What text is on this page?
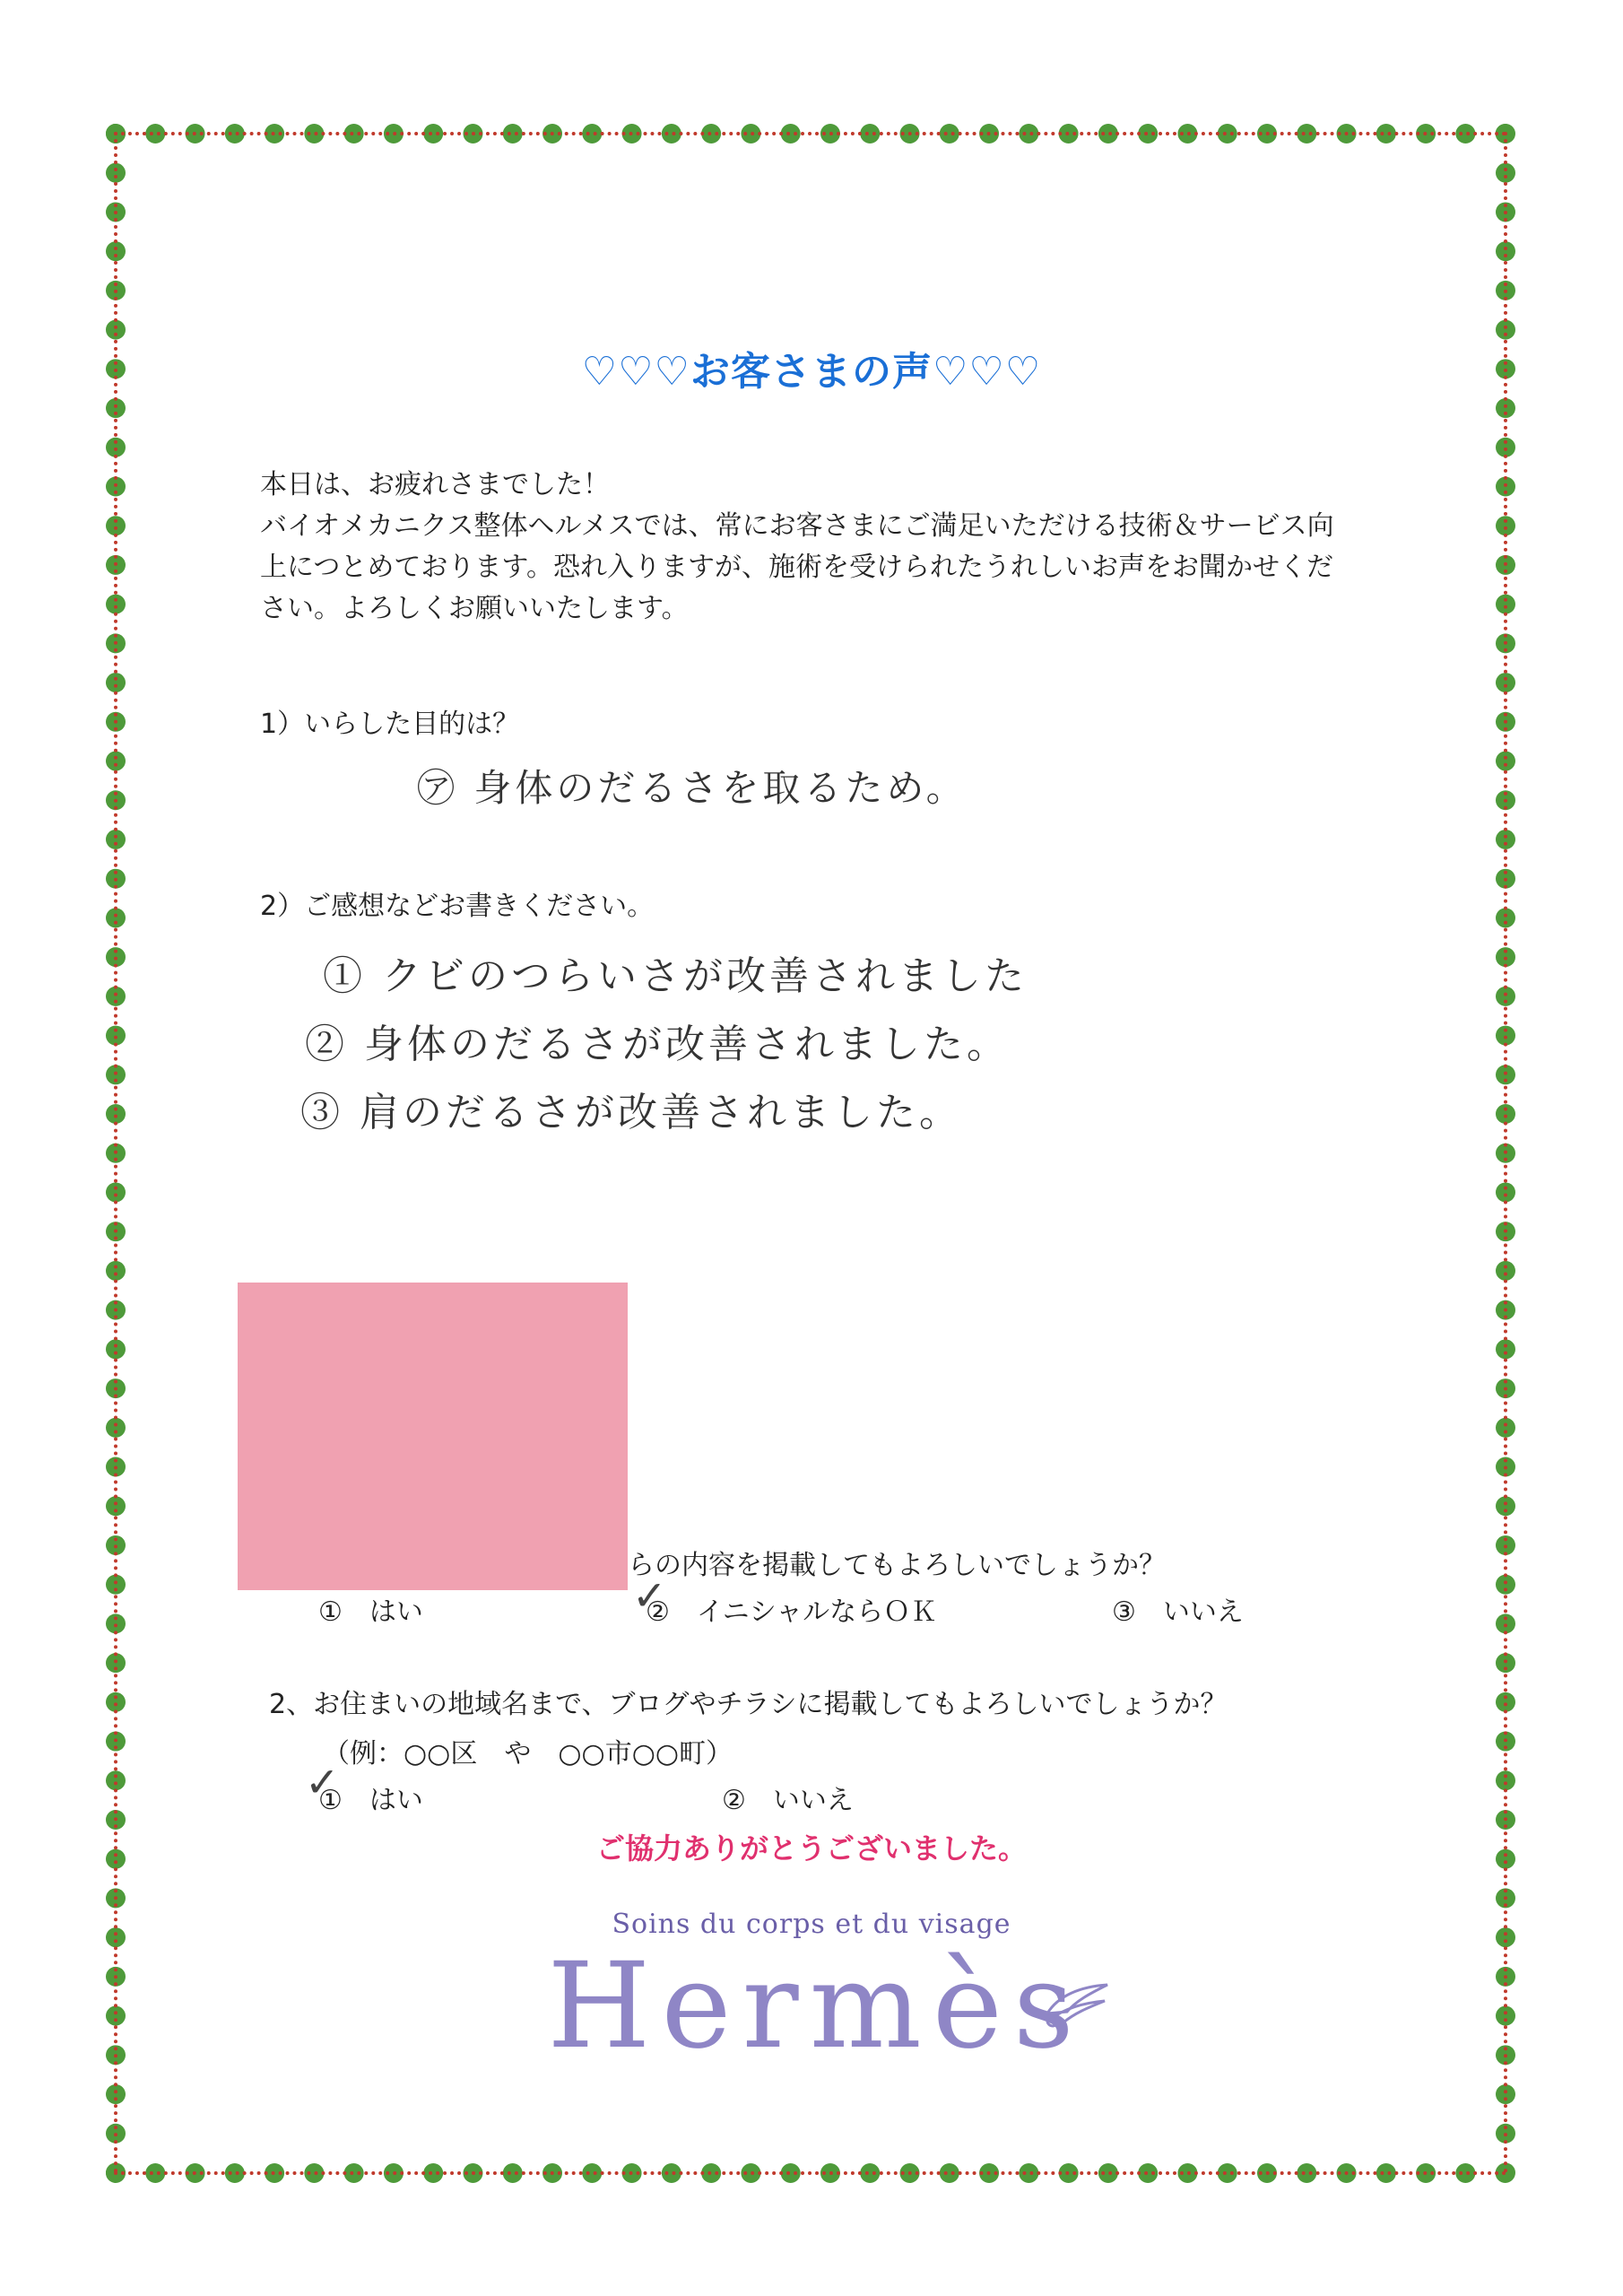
♡♡♡お客さまの声♡♡♡
本日は、お疲れさまでした！
バイオメカニクス整体ヘルメスでは、常にお客さまにご満足いただける技術＆サービス向
上につとめております。恐れ入りますが、施術を受けられたうれしいお声をお聞かせくだ
さい。よろしくお願いいたします。
1）いらした目的は？
㋐ 身体のだるさを取るため。
2）ご感想などお書きください。
① クビのつらいさが改善されました
② 身体のだるさが改善されました。
③ 肩のだるさが改善されました。
らの内容を掲載してもよろしいでしょうか？
①　はい	②　イニシャルならＯＫ
✓	③　いいえ
2、お住まいの地域名まで、ブログやチラシに掲載してもよろしいでしょうか？
（例：○○区　や　○○市○○町）
①　はい
✓	②　いいえ
ご協力ありがとうございました。
Soins du corps et du visage
Hermès
